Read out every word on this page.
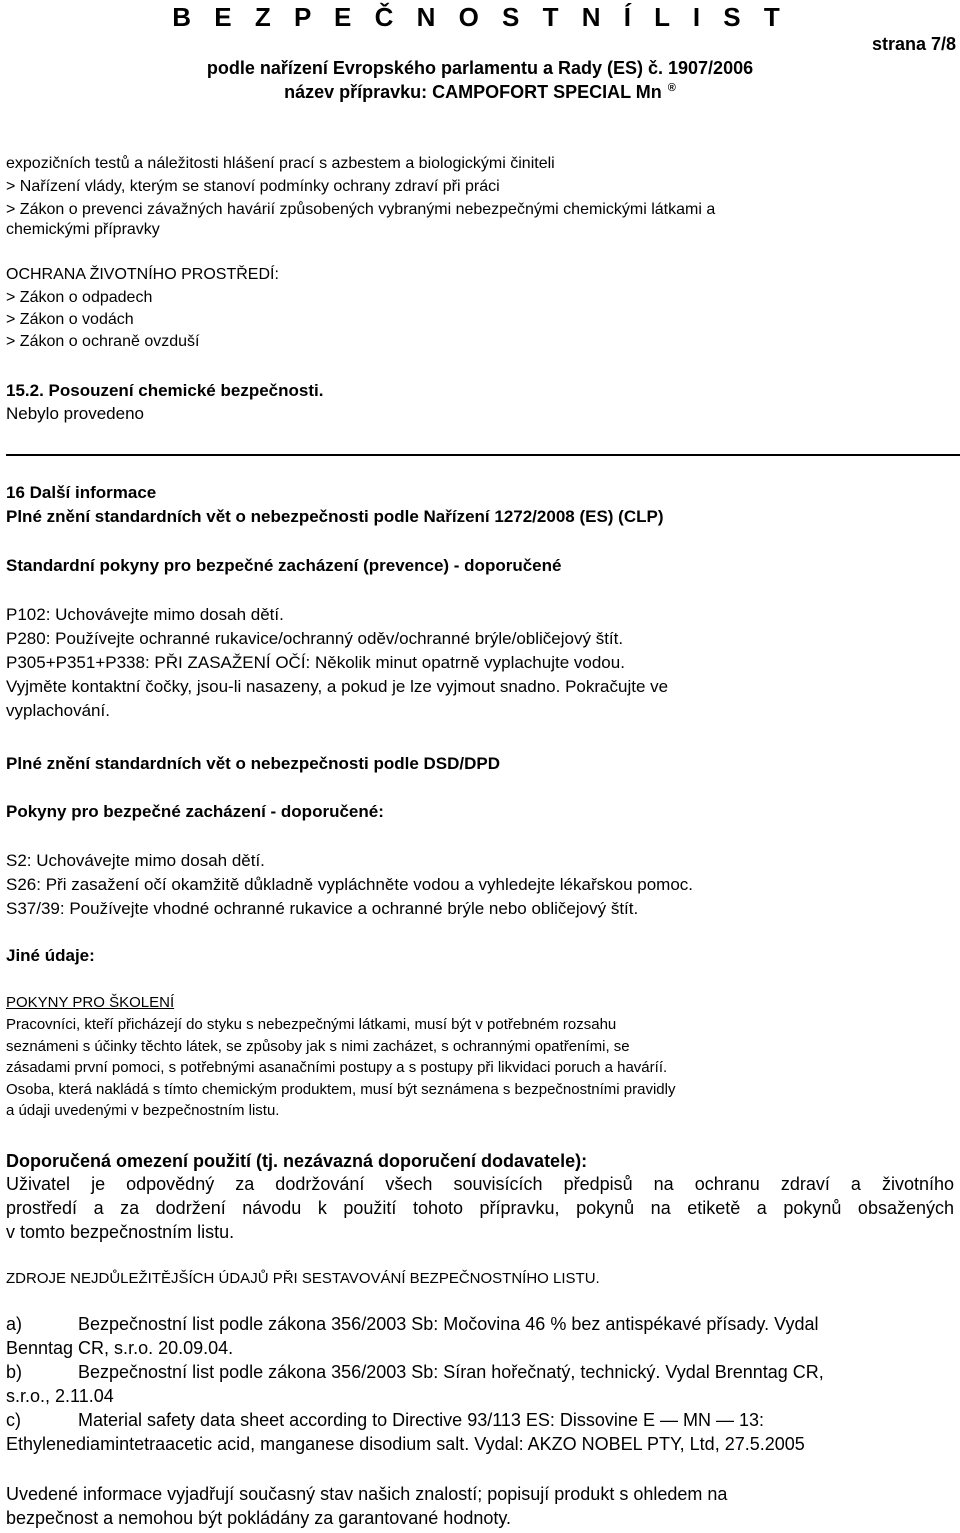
B E Z P E Č N O S T N Í L I S T
podle nařízení Evropského parlamentu a Rady (ES) č. 1907/2006
název přípravku: CAMPOFORT SPECIAL Mn ®
strana 7/8
expozičních testů a náležitosti hlášení prací s azbestem a biologickými činiteli
> Nařízení vlády, kterým se stanoví podmínky ochrany zdraví při práci
> Zákon o prevenci závažných havárií způsobených vybranými nebezpečnými chemickými látkami a
chemickými přípravky
OCHRANA ŽIVOTNÍHO PROSTŘEDÍ:
> Zákon o odpadech
> Zákon o vodách
> Zákon o ochraně ovzduší
15.2. Posouzení chemické bezpečnosti.
Nebylo provedeno
16 Další informace
Plné znění standardních vět o nebezpečnosti podle Nařízení 1272/2008 (ES) (CLP)
Standardní pokyny pro bezpečné zacházení (prevence) - doporučené
P102: Uchovávejte mimo dosah dětí.
P280: Používejte ochranné rukavice/ochranný oděv/ochranné brýle/obličejový štít.
P305+P351+P338: PŘI ZASAŽENÍ OČÍ: Několik minut opatrně vyplachujte vodou.
Vyjměte kontaktní čočky, jsou-li nasazeny, a pokud je lze vyjmout snadno. Pokračujte ve
vyplachování.
Plné znění standardních vět o nebezpečnosti podle DSD/DPD
Pokyny pro bezpečné zacházení - doporučené:
S2: Uchovávejte mimo dosah dětí.
S26: Při zasažení očí okamžitě důkladně vypláchněte vodou a vyhledejte lékařskou pomoc.
S37/39: Používejte vhodné ochranné rukavice a ochranné brýle nebo obličejový štít.
Jiné údaje:
POKYNY PRO ŠKOLENÍ
Pracovníci, kteří přicházejí do styku s nebezpečnými látkami, musí být v potřebném rozsahu
seznámeni s účinky těchto látek, se způsoby jak s nimi zacházet, s ochrannými opatřeními, se
zásadami první pomoci, s potřebnými asanačními postupy a s postupy při likvidaci poruch a haváríí.
Osoba, která nakládá s tímto chemickým produktem, musí být seznámena s bezpečnostními pravidly
a údaji uvedenými v bezpečnostním listu.
Doporučená omezení použití (tj. nezávazná doporučení dodavatele):
Uživatel je odpovědný za dodržování všech souvisících předpisů na ochranu zdraví a životního
prostředí a za dodržení návodu k použití tohoto přípravku, pokynů na etiketě a pokynů obsažených
v tomto bezpečnostním listu.
ZDROJE NEJDŮLEŽITĚJŠÍCH ÚDAJŮ PŘI SESTAVOVÁNÍ BEZPEČNOSTNÍHO LISTU.
a)	Bezpečnostní list podle zákona 356/2003 Sb: Močovina 46 % bez antispékavé přísady. Vydal
Benntag CR, s.r.o. 20.09.04.
b)	Bezpečnostní list podle zákona 356/2003 Sb: Síran hořečnatý, technický. Vydal Brenntag CR,
s.r.o., 2.11.04
c)	Material safety data sheet according to Directive 93/113 ES: Dissovine E — MN — 13:
Ethylenediamintetraacetic acid, manganese disodium salt. Vydal: AKZO NOBEL PTY, Ltd, 27.5.2005
Uvedené informace vyjadřují současný stav našich znalostí; popisují produkt s ohledem na
bezpečnost a nemohou být pokládány za garantované hodnoty.
